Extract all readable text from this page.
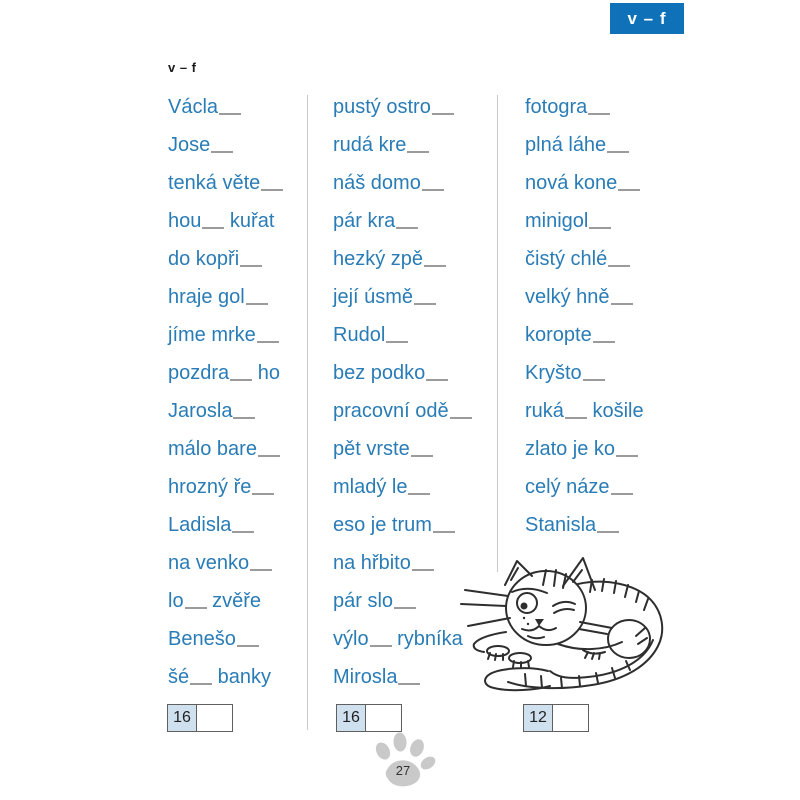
v – f
v – f
Václa
Jose
tenká věte
hou
kuřat
do kopři
hraje gol
jíme mrke
pozdra
ho
Jarosla
málo bare
hrozný ře
Ladisla
na venko
lo
zvěře
Benešo
šé
banky
pustý ostro
rudá kre
náš domo
pár kra
hezký zpě
její úsmě
Rudol
bez podko
pracovní odě
pět vrste
mladý le
eso je trum
na hřbito
pár slo
výlo
rybníka
Mirosla
fotogra
plná láhe
nová kone
minigol
čistý chlé
velký hně
koropte
Kryšto
ruká
košile
zlato je ko
celý náze
Stanisla
16	16	12
27
